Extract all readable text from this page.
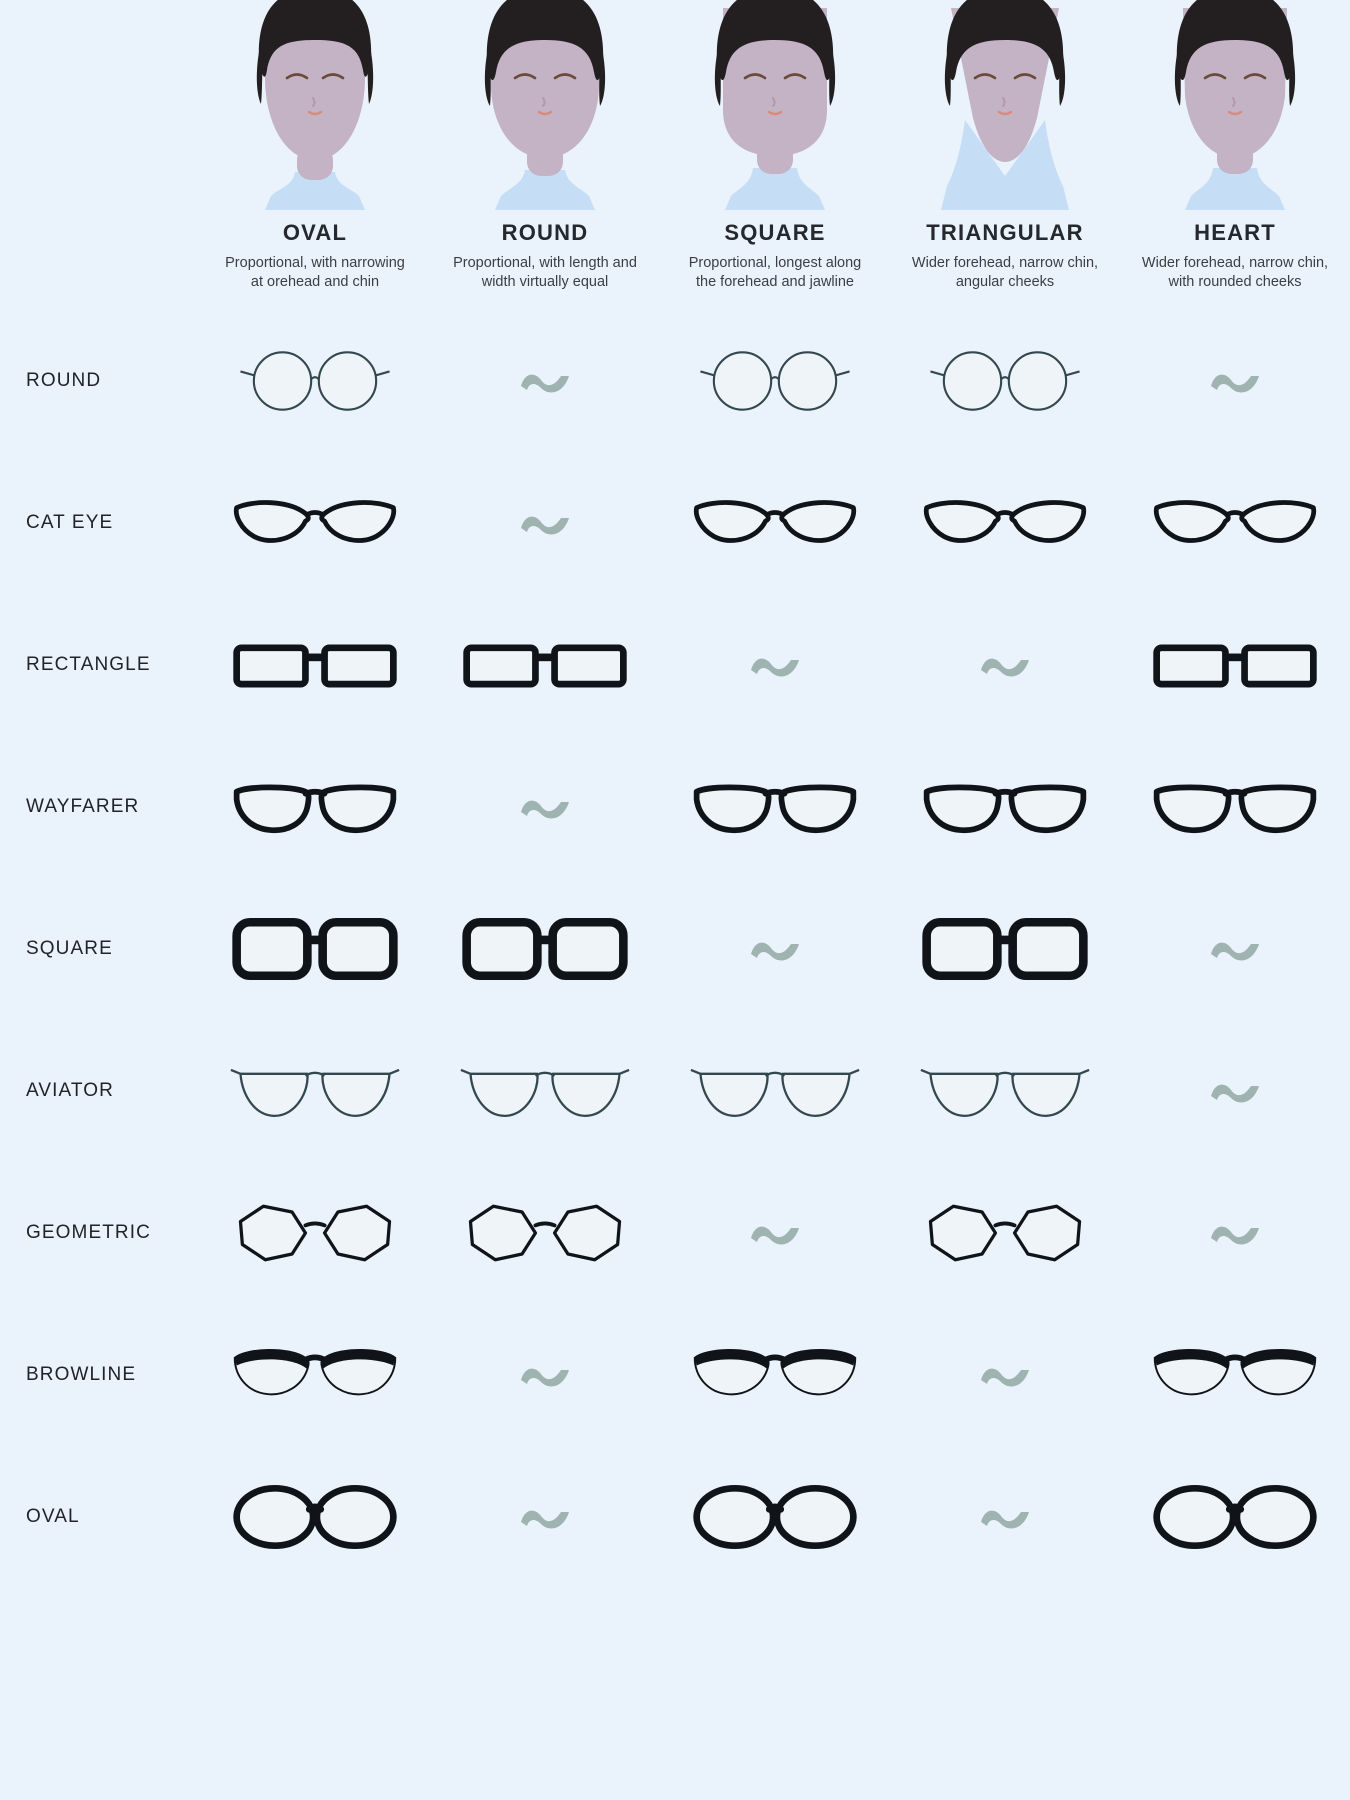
OVAL
Proportional, with narrowing at orehead and chin
ROUND
Proportional, with length and width virtually equal
SQUARE
Proportional, longest along the forehead and jawline
TRIANGULAR
Wider forehead, narrow chin, angular cheeks
HEART
Wider forehead, narrow chin, with rounded cheeks
ROUND
CAT EYE
RECTANGLE
WAYFARER
SQUARE
AVIATOR
GEOMETRIC
BROWLINE
OVAL
